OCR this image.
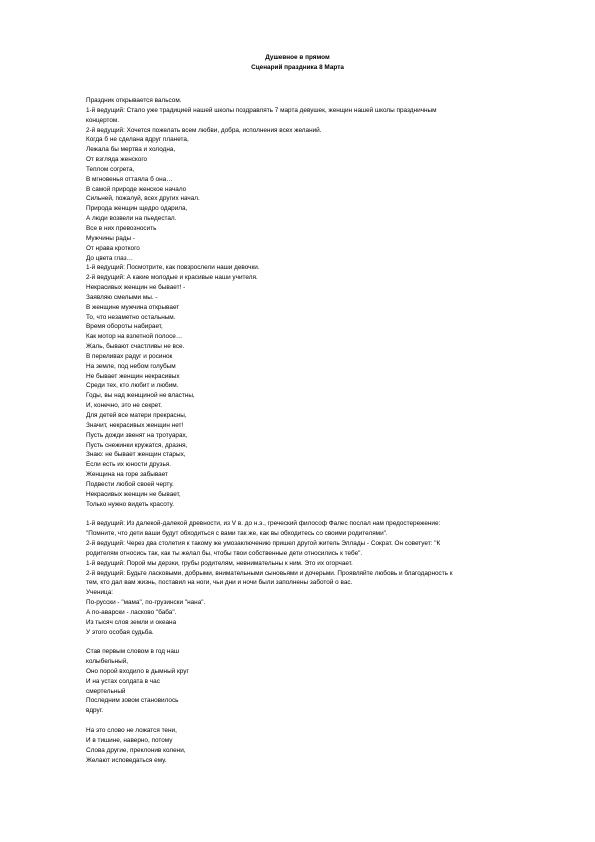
Душевное в прямом
Сценарий праздника 8 Марта
Праздник открывается вальсом.
1-й ведущий: Стало уже традицией нашей школы поздравлять 7 марта девушек, женщин нашей школы праздничным
концертом.
2-й ведущий: Хочется пожелать всем любви, добра, исполнения всех желаний.
Когда б не сделана вдруг планета,
Лежала бы мертва и холодна,
От взгляда женского
Теплом согрета,
В мгновенья оттаяла б она…
В самой природе женское начало
Сильней, пожалуй, всех других начал.
Природа женщин щедро одарила,
А люди возвели на пьедестал.
Все в них превозносить
Мужчины рады -
От нрава кроткого
До цвета глаз…
1-й ведущий: Посмотрите, как повзрослели наши девочки.
2-й ведущий: А какие молодые и красивые наши учителя.
Некрасивых женщин не бывает! -
Заявляю смелыми мы. -
В женщине мужчина открывает
То, что незаметно остальным.
Время обороты набирает,
Как мотор на взлетной полосе…
Жаль, бывают счастливы не все.
В переливах радуг и росинок
На земле, под небом голубым
Не бывает женщин некрасивых
Среди тех, кто любит и любим.
Годы, вы над женщиной не властны,
И, конечно, это не секрет.
Для детей все матери прекрасны,
Значит, некрасивых женщин нет!
Пусть дожди звенят на тротуарах,
Пусть снежинки кружатся, дразня,
Знаю: не бывает женщин старых,
Если есть их юности друзья.
Женщина на горе забывает
Подвести любой своей черту.
Некрасивых женщин не бывает,
Только нужно видеть красоту.
1-й ведущий: Из далекой-далекой древности, из V в. до н.э., греческий философ Фалес послал нам предостережение:
"Помните, что дети ваши будут обходиться с вами так же, как вы обходитесь со своими родителями".
2-й ведущий: Через два столетия к такому же умозаключению пришел другой житель Эллады - Сократ. Он советует: "К
родителям относись так, как ты желал бы, чтобы твои собственные дети относились к тебе".
1-й ведущий: Порой мы дерзки, грубы родителям, невнимательны к ним. Это их огорчает.
2-й ведущий: Будьте ласковыми, добрыми, внимательными сыновьями и дочерьми. Проявляйте любовь и благодарность к
тем, кто дал вам жизнь, поставил на ноги, чьи дни и ночи были заполнены заботой о вас.
Ученица:
По-русски - "мама", по-грузински "нана".
А по-аварски - ласково "баба".
Из тысяч слов земли и океана
У этого особая судьба.
Став первым словом в год наш
колыбельный,
Оно порой входило в дымный круг
И на устах солдата в час
смертельный
Последним зовом становилось
вдруг.
На это слово не ложатся тени,
И в тишине, наверно, потому
Слова другие, преклонив колени,
Желают исповедаться ему.
